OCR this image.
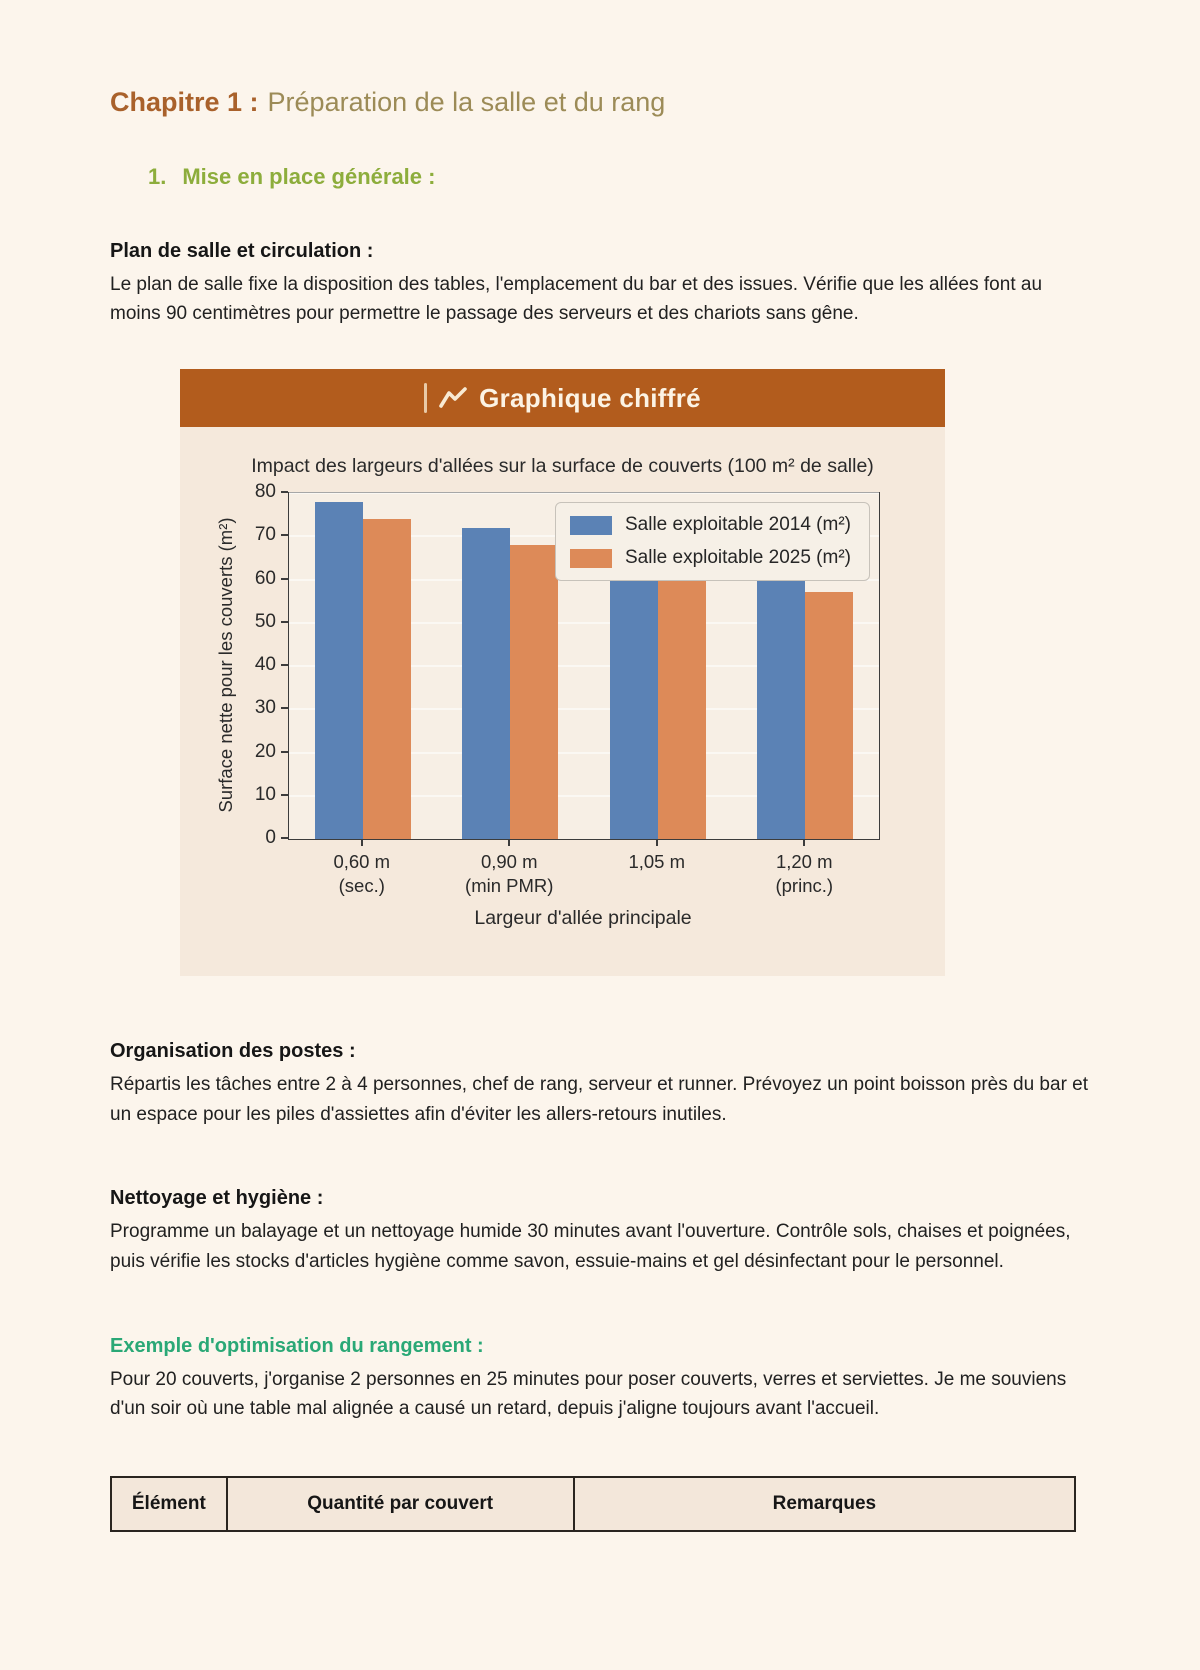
Chapitre 1 : Préparation de la salle et du rang
1. Mise en place générale :
Plan de salle et circulation :

Le plan de salle fixe la disposition des tables, l'emplacement du bar et des issues. Vérifie que les allées font au moins 90 centimètres pour permettre le passage des serveurs et des chariots sans gêne.

Graphique chiffré
Impact des largeurs d'allées sur la surface de couverts (100 m² de salle)
Surface nette pour les couverts (m²)
0
10
20
30
40
50
60
70
80
Salle exploitable 2014 (m²)
Salle exploitable 2025 (m²)
0,60 m
(sec.)
0,90 m
(min PMR)
1,05 m	1,20 m
(princ.)
Largeur d'allée principale
Organisation des postes :

Répartis les tâches entre 2 à 4 personnes, chef de rang, serveur et runner. Prévoyez un point boisson près du bar et un espace pour les piles d'assiettes afin d'éviter les allers-retours inutiles.

Nettoyage et hygiène :

Programme un balayage et un nettoyage humide 30 minutes avant l'ouverture. Contrôle sols, chaises et poignées, puis vérifie les stocks d'articles hygiène comme savon, essuie-mains et gel désinfectant pour le personnel.

Exemple d'optimisation du rangement :

Pour 20 couverts, j'organise 2 personnes en 25 minutes pour poser couverts, verres et serviettes. Je me souviens d'un soir où une table mal alignée a causé un retard, depuis j'aligne toujours avant l'accueil.

Élément	Quantité par couvert	Remarques
